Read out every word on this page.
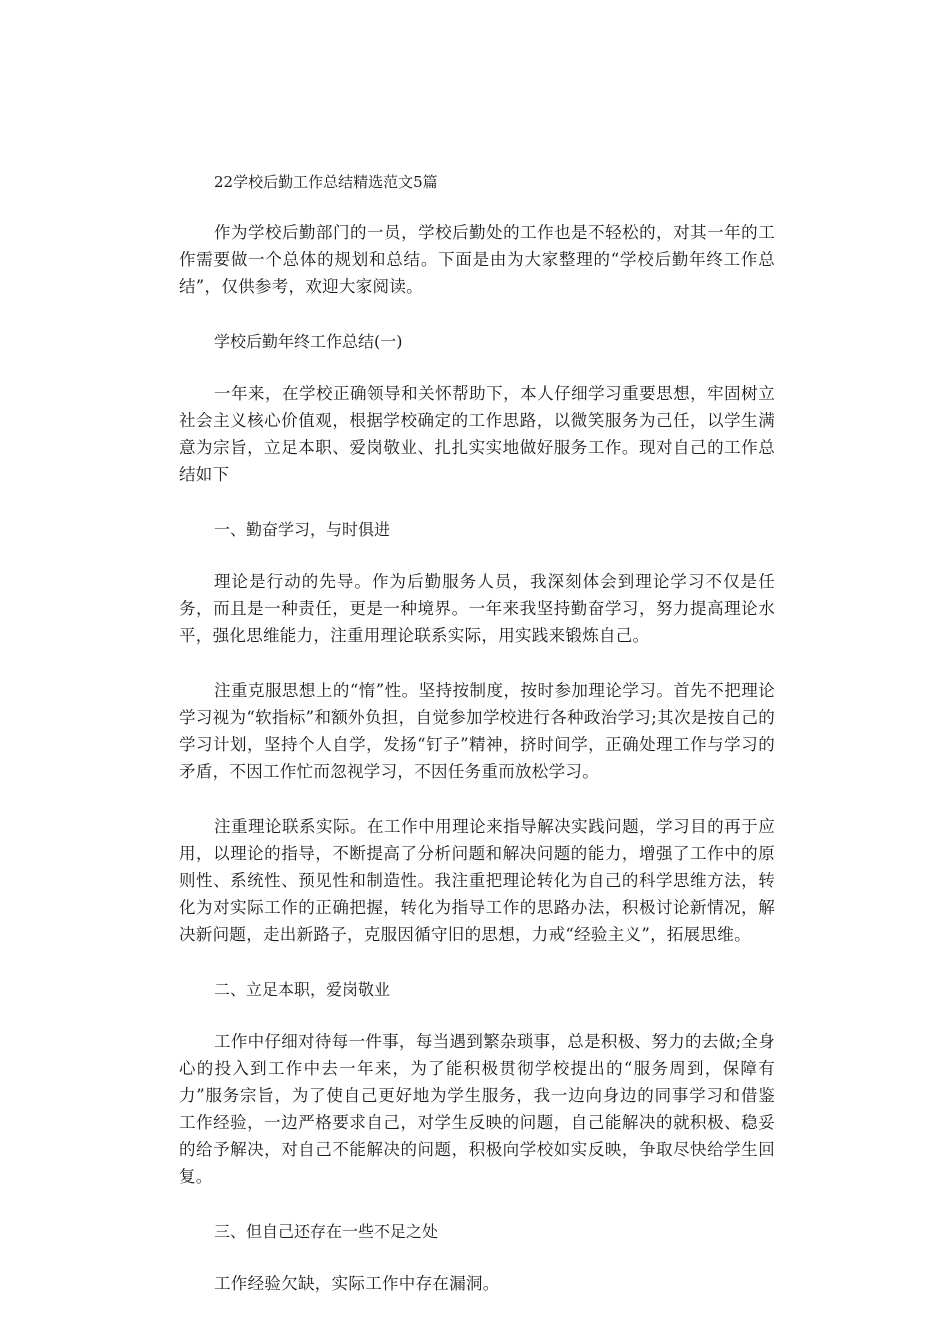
22学校后勤工作总结精选范文5篇

作为学校后勤部门的一员，学校后勤处的工作也是不轻松的，对其一年的工作需要做一个总体的规划和总结。下面是由为大家整理的“学校后勤年终工作总结”，仅供参考，欢迎大家阅读。

学校后勤年终工作总结(一)

一年来，在学校正确领导和关怀帮助下，本人仔细学习重要思想，牢固树立社会主义核心价值观，根据学校确定的工作思路，以微笑服务为己任，以学生满意为宗旨，立足本职、爱岗敬业、扎扎实实地做好服务工作。现对自己的工作总结如下

一、勤奋学习，与时俱进

理论是行动的先导。作为后勤服务人员，我深刻体会到理论学习不仅是任务，而且是一种责任，更是一种境界。一年来我坚持勤奋学习，努力提高理论水平，强化思维能力，注重用理论联系实际，用实践来锻炼自己。

注重克服思想上的“惰”性。坚持按制度，按时参加理论学习。首先不把理论学习视为“软指标”和额外负担，自觉参加学校进行各种政治学习;其次是按自己的学习计划，坚持个人自学，发扬“钉子”精神，挤时间学，正确处理工作与学习的矛盾，不因工作忙而忽视学习，不因任务重而放松学习。

注重理论联系实际。在工作中用理论来指导解决实践问题，学习目的再于应用，以理论的指导，不断提高了分析问题和解决问题的能力，增强了工作中的原则性、系统性、预见性和制造性。我注重把理论转化为自己的科学思维方法，转化为对实际工作的正确把握，转化为指导工作的思路办法，积极讨论新情况，解决新问题，走出新路子，克服因循守旧的思想，力戒“经验主义”，拓展思维。

二、立足本职，爱岗敬业

工作中仔细对待每一件事，每当遇到繁杂琐事，总是积极、努力的去做;全身心的投入到工作中去一年来，为了能积极贯彻学校提出的“服务周到，保障有力”服务宗旨，为了使自己更好地为学生服务，我一边向身边的同事学习和借鉴工作经验，一边严格要求自己，对学生反映的问题，自己能解决的就积极、稳妥的给予解决，对自己不能解决的问题，积极向学校如实反映，争取尽快给学生回复。

三、但自己还存在一些不足之处

工作经验欠缺，实际工作中存在漏洞。
